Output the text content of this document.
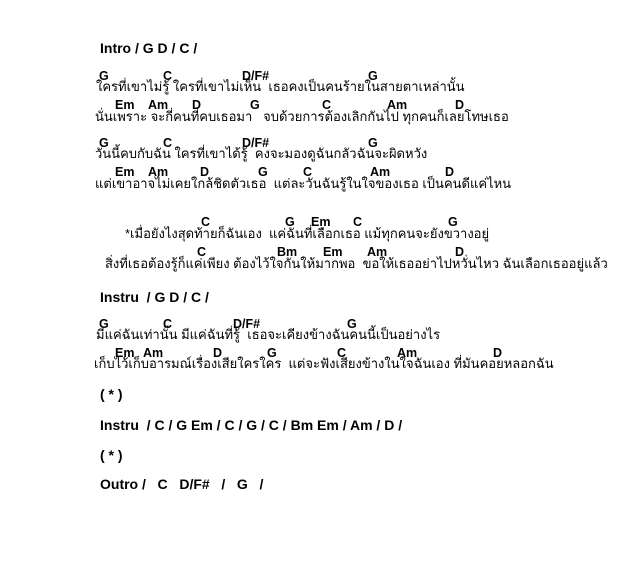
Intro / G D / C /
G	C	D/F#	G
ใครที่เขาไม่รู้ ใครที่เขาไม่เห็น  เธอคงเป็นคนร้ายในสายตาเหล่านั้น
Em Am D	G	C	Am	D
นั่นเพราะ จะกี่คนที่คบเธอมา   จบด้วยการต้องเลิกกันไป ทุกคนก็เลยโทษเธอ
G	C	D/F#	G
วันนี้คบกับฉัน ใครที่เขาได้รู้  คงจะมองดูฉันกลัวฉันจะผิดหวัง
Em Am	D	G	C	Am	D
แต่เขาอาจไม่เคยใกล้ชิดตัวเธอ  แต่ละวันฉันรู้ในใจของเธอ เป็นคนดีแค่ไหน
C	G Em C	G
*เมื่อยังไงสุดท้ายก็ฉันเอง  แค่ฉันที่เลือกเธอ แม้ทุกคนจะยังขวางอยู่
C	Bm Em Am	D
สิ่งที่เธอต้องรู้ก็แค่เพียง ต้องไว้ใจกันให้มากพอ  ขอให้เธออย่าไปหวั่นไหว ฉันเลือกเธออยู่แล้ว
Instru  / G D / C /
G	C	D/F#	G
มีแค่ฉันเท่านั้น มีแค่ฉันที่รู้  เธอจะเคียงข้างฉันคนนี้เป็นอย่างไร
Em Am	D	G	C	Am	D
เก็บไว้เก็บอารมณ์เรื่องเสียใครใคร  แต่จะฟังเสียงข้างในใจฉันเอง ที่มันคอยหลอกฉัน
( * )
Instru  / C / G Em / C / G / C / Bm Em / Am / D /
( * )
Outro /   C   D/F#   /   G   /
